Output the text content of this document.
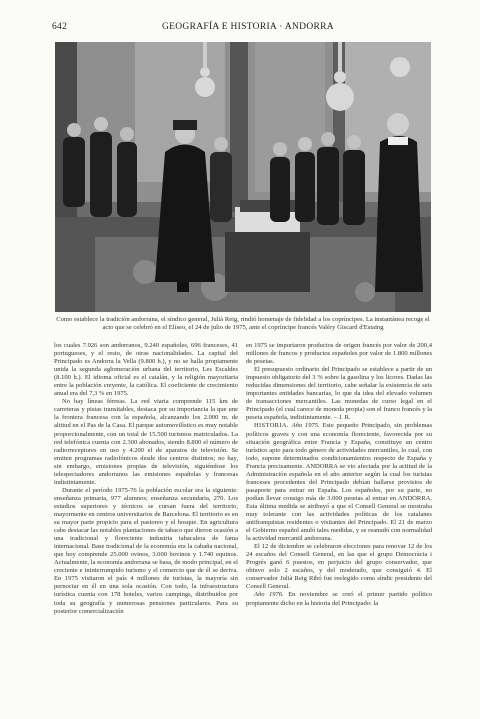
642	GEOGRAFÍA E HISTORIA · ANDORRA
Como establece la tradición andorrana, el síndico general, Julià Reig, rindió homenaje de fidelidad a los copríncipes. La instantánea recoge el acto que se celebró en el Elíseo, el 24 de julio de 1975, ante el copríncipe francés Valéry Giscard d'Estaing

los cuales 7.926 son andorranos, 9.240 españoles, 696 franceses, 41 portugueses, y el resto, de otras nacionalidades. La capital del Principado es Andorra la Vella (9.800 h.), y no se halla propiamente unida la segunda aglomeración urbana del territorio, Les Escaldes (8.100 h.). El idioma oficial es el catalán, y la religión mayoritaria entre la población creyente, la católica. El coeficiente de crecimiento anual era del 7,3 % en 1975.

No hay líneas férreas. La red viaria comprende 115 km de carreteras y pistas transitables, destaca por su importancia la que une la frontera francesa con la española, alcanzando los 2.000 m. de altitud en el Pas de la Casa. El parque automovilístico es muy notable proporcionalmente, con un total de 15.500 turismos matriculados. La red telefónica cuenta con 2.300 abonados, siendo 8.800 el número de radiorreceptores en uso y 4.200 el de aparatos de televisión. Se emiten programas radiofónicos desde dos centros distintos; no hay, sin embargo, emisiones propias de televisión, siguiéndose los telespectadores andorranos las emisiones españolas y francesas indistintamente.

Durante el período 1975-76 la población escolar era la siguiente: enseñanza primaria, 977 alumnos; enseñanza secundaria, 270. Los estudios superiores y técnicos se cursan fuera del territorio, mayormente en centros universitarios de Barcelona. El territorio es en su mayor parte propicio para el pastoreo y el bosque. En agricultura cabe destacar las notables plantaciones de tabaco que dieron ocasión a una tradicional y floreciente industria tabacalera de fama internacional. Base tradicional de la economía era la cabaña nacional, que hoy comprende 25.000 ovinos, 3.000 bovinos y 1.740 equinos. Actualmente, la economía andorrana se basa, de modo principal, en el creciente e ininterrumpido turismo y el comercio que de él se deriva. En 1975 visitaron el país 4 millones de turistas, la mayoría sin pernoctar en él en una sola ocasión. Con todo, la infraestructura turística cuenta con 178 hoteles, varios campings, distribuidos por toda su geografía y numerosas pensiones particulares. Para su posterior comercialización

en 1975 se importaron productos de origen francés por valor de 200,4 millones de francos y productos españoles por valor de 1.800 millones de pesetas.

El presupuesto ordinario del Principado se establece a partir de un impuesto obligatorio del 3 % sobre la gasolina y los licores. Dadas las reducidas dimensiones del territorio, cabe señalar la existencia de seis importantes entidades bancarias, lo que da idea del elevado volumen de transacciones mercantiles. Las monedas de curso legal en el Principado (el cual carece de moneda propia) son el franco francés y la peseta española, indistintamente. – J. R.

HISTORIA. Año 1975. Este pequeño Principado, sin problemas políticos graves y con una economía floreciente, favorecida por su situación geográfica entre Francia y España, constituye un centro turístico apto para todo género de actividades mercantiles, lo cual, con todo, supone determinados condicionamientos respecto de España y Francia precisamente. ANDORRA se vio afectada por la actitud de la Administración española en el año anterior según la cual los turistas franceses procedentes del Principado debían hallarse provistos de pasaporte para entrar en España. Los españoles, por su parte, no podían llevar consigo más de 3.000 pesetas al entrar en ANDORRA. Esta última medida se atribuyó a que el Consell General se mostraba muy tolerante con las actividades políticas de los catalanes antifranquistas residentes o visitantes del Principado. El 21 de marzo el Gobierno español anuló tales medidas, y se reanudó con normalidad la actividad mercantil andorrana.

El 12 de diciembre se celebraron elecciones para renovar 12 de los 24 escaños del Consell General, en las que el grupo Democràcia i Progrés ganó 6 puestos, en perjuicio del grupo conservador, que obtuvo solo 2 escaños, y del moderado, que consiguió 4. El conservador Julià Reig Ribó fue reelegido como síndic presidente del Consell General.

Año 1976. En noviembre se creó el primer partido político propiamente dicho en la historia del Principado: la
